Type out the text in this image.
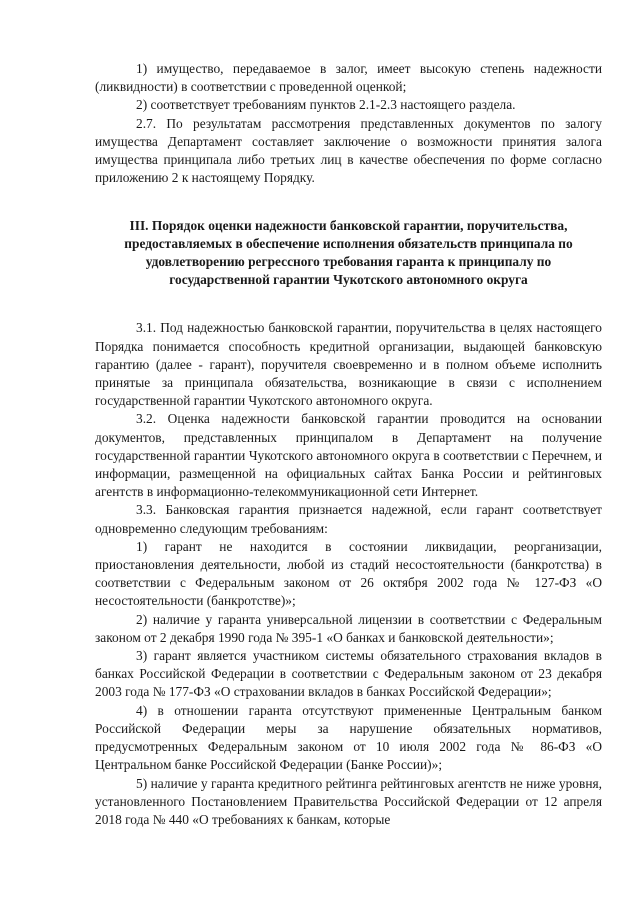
1) имущество, передаваемое в залог, имеет высокую степень надежности (ликвидности) в соответствии с проведенной оценкой;

2) соответствует требованиям пунктов 2.1-2.3 настоящего раздела.

2.7. По результатам рассмотрения представленных документов по залогу имущества Департамент составляет заключение о возможности принятия залога имущества принципала либо третьих лиц в качестве обеспечения по форме согласно приложению 2 к настоящему Порядку.

III. Порядок оценки надежности банковской гарантии, поручительства, предоставляемых в обеспечение исполнения обязательств принципала по удовлетворению регрессного требования гаранта к принципалу по государственной гарантии Чукотского автономного округа

3.1. Под надежностью банковской гарантии, поручительства в целях настоящего Порядка понимается способность кредитной организации, выдающей банковскую гарантию (далее - гарант), поручителя своевременно и в полном объеме исполнить принятые за принципала обязательства, возникающие в связи с исполнением государственной гарантии Чукотского автономного округа.

3.2. Оценка надежности банковской гарантии проводится на основании документов, представленных принципалом в Департамент на получение государственной гарантии Чукотского автономного округа в соответствии с Перечнем, и информации, размещенной на официальных сайтах Банка России и рейтинговых агентств в информационно-телекоммуникационной сети Интернет.

3.3. Банковская гарантия признается надежной, если гарант соответствует одновременно следующим требованиям:

1) гарант не находится в состоянии ликвидации, реорганизации, приостановления деятельности, любой из стадий несостоятельности (банкротства) в соответствии с Федеральным законом от 26 октября 2002 года № 127-ФЗ «О несостоятельности (банкротстве)»;

2) наличие у гаранта универсальной лицензии в соответствии с Федеральным законом от 2 декабря 1990 года № 395-1 «О банках и банковской деятельности»;

3) гарант является участником системы обязательного страхования вкладов в банках Российской Федерации в соответствии с Федеральным законом от 23 декабря 2003 года № 177-ФЗ «О страховании вкладов в банках Российской Федерации»;

4) в отношении гаранта отсутствуют примененные Центральным банком Российской Федерации меры за нарушение обязательных нормативов, предусмотренных Федеральным законом от 10 июля 2002 года № 86-ФЗ «О Центральном банке Российской Федерации (Банке России)»;

5) наличие у гаранта кредитного рейтинга рейтинговых агентств не ниже уровня, установленного Постановлением Правительства Российской Федерации от 12 апреля 2018 года № 440 «О требованиях к банкам, которые
